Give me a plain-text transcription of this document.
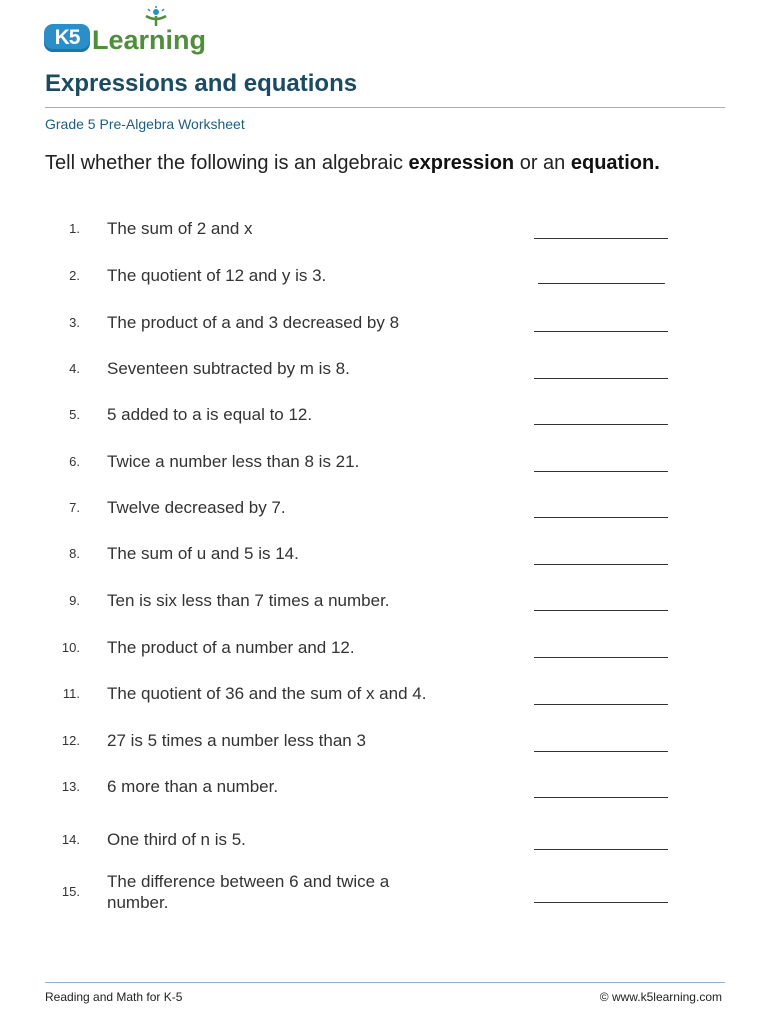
K5 Learning
Expressions and equations
Grade 5 Pre-Algebra Worksheet
Tell whether the following is an algebraic expression or an equation.
1. The sum of 2 and x
2. The quotient of 12 and y is 3.
3. The product of a and 3 decreased by 8
4. Seventeen subtracted by m is 8.
5. 5 added to a is equal to 12.
6. Twice a number less than 8 is 21.
7. Twelve decreased by 7.
8. The sum of u and 5 is 14.
9. Ten is six less than 7 times a number.
10. The product of a number and 12.
11. The quotient of 36 and the sum of x and 4.
12. 27 is 5 times a number less than 3
13. 6 more than a number.
14. One third of n is 5.
15.
The difference between 6 and twice a number.
Reading and Math for K-5	© www.k5learning.com
